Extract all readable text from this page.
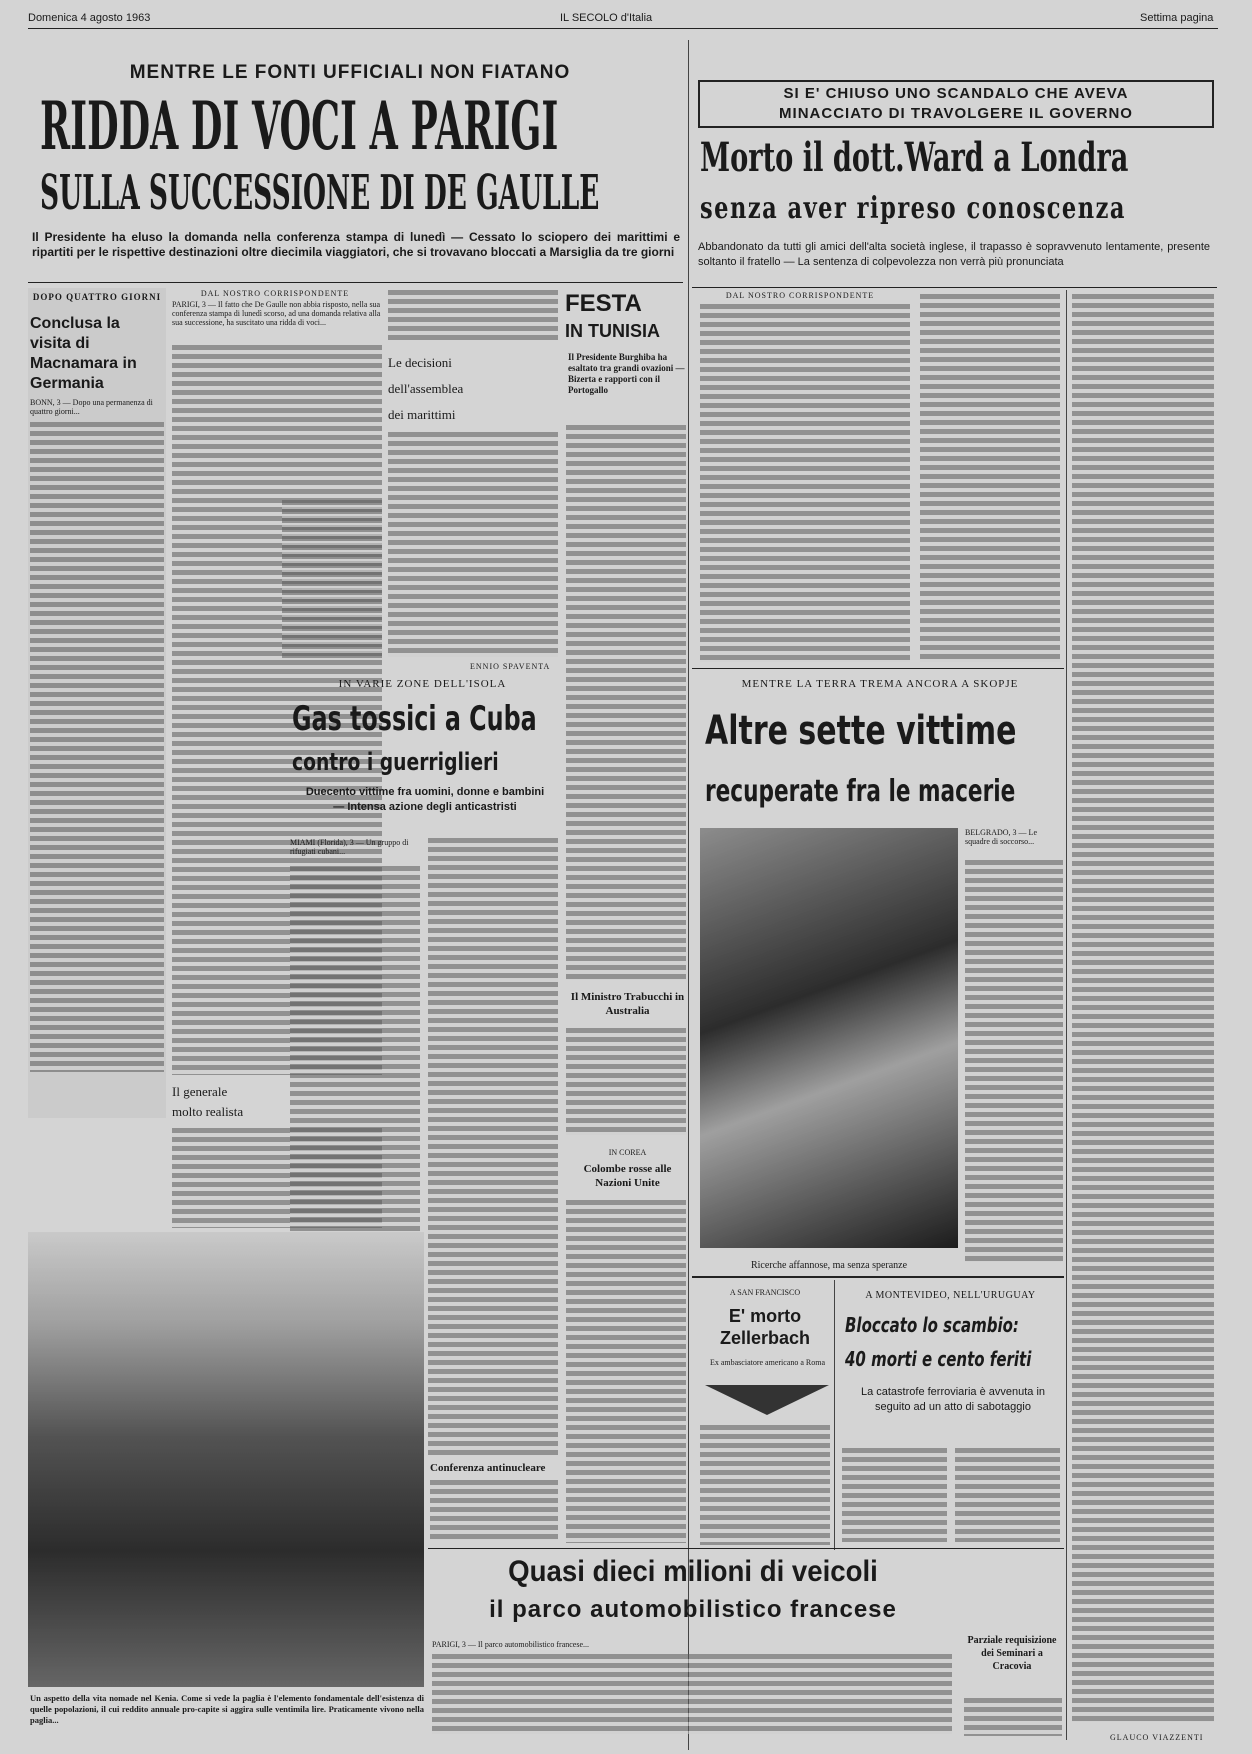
Domenica 4 agosto 1963	IL SECOLO d'Italia	Settima pagina
MENTRE LE FONTI UFFICIALI NON FIATANO
RIDDA DI VOCI A PARIGI
SULLA SUCCESSIONE DI DE GAULLE
Il Presidente ha eluso la domanda nella conferenza stampa di lunedì — Cessato lo sciopero dei marittimi e ripartiti per le rispettive destinazioni oltre diecimila viaggiatori, che si trovavano bloccati a Marsiglia da tre giorni
SI E' CHIUSO UNO SCANDALO CHE AVEVA
MINACCIATO DI TRAVOLGERE IL GOVERNO
Morto il dott.Ward a Londra
senza aver ripreso conoscenza
Abbandonato da tutti gli amici dell'alta società inglese, il trapasso è sopravvenuto lentamente, presente soltanto il fratello — La sentenza di colpevolezza non verrà più pronunciata
DOPO QUATTRO GIORNI
Conclusa la visita di Macnamara in Germania
BONN, 3 — Dopo una permanenza di quattro giorni...
DAL NOSTRO CORRISPONDENTE
PARIGI, 3 — Il fatto che De Gaulle non abbia risposto, nella sua conferenza stampa di lunedì scorso, ad una domanda relativa alla sua successione, ha suscitato una ridda di voci...
Il generale
molto realista
Le decisioni
dell'assemblea
dei marittimi
ENNIO SPAVENTA
FESTA
IN TUNISIA
Il Presidente Burghiba ha esaltato tra grandi ovazioni — Bizerta e rapporti con il Portogallo
Il Ministro Trabucchi in Australia
IN COREA
Colombe rosse alle Nazioni Unite
IN VARIE ZONE DELL'ISOLA
Gas tossici a Cuba
contro i guerriglieri
Duecento vittime fra uomini, donne e bambini — Intensa azione degli anticastristi
MIAMI (Florida), 3 — Un gruppo di rifugiati cubani...
Conferenza antinucleare
DAL NOSTRO CORRISPONDENTE
GLAUCO VIAZZENTI
MENTRE LA TERRA TREMA ANCORA A SKOPJE
Altre sette vittime
recuperate fra le macerie
Ricerche affannose, ma senza speranze
BELGRADO, 3 — Le squadre di soccorso...
A SAN FRANCISCO
E' morto
Zellerbach
Ex ambasciatore americano a Roma
A MONTEVIDEO, NELL'URUGUAY
Bloccato lo scambio:
40 morti e cento feriti
La catastrofe ferroviaria è avvenuta in seguito ad un atto di sabotaggio
Quasi dieci milioni di veicoli
il parco automobilistico francese
PARIGI, 3 — Il parco automobilistico francese...	Parziale requisizione dei Seminari a Cracovia
Un aspetto della vita nomade nel Kenia. Come si vede la paglia è l'elemento fondamentale dell'esistenza di quelle popolazioni, il cui reddito annuale pro-capite si aggira sulle ventimila lire. Praticamente vivono nella paglia...
